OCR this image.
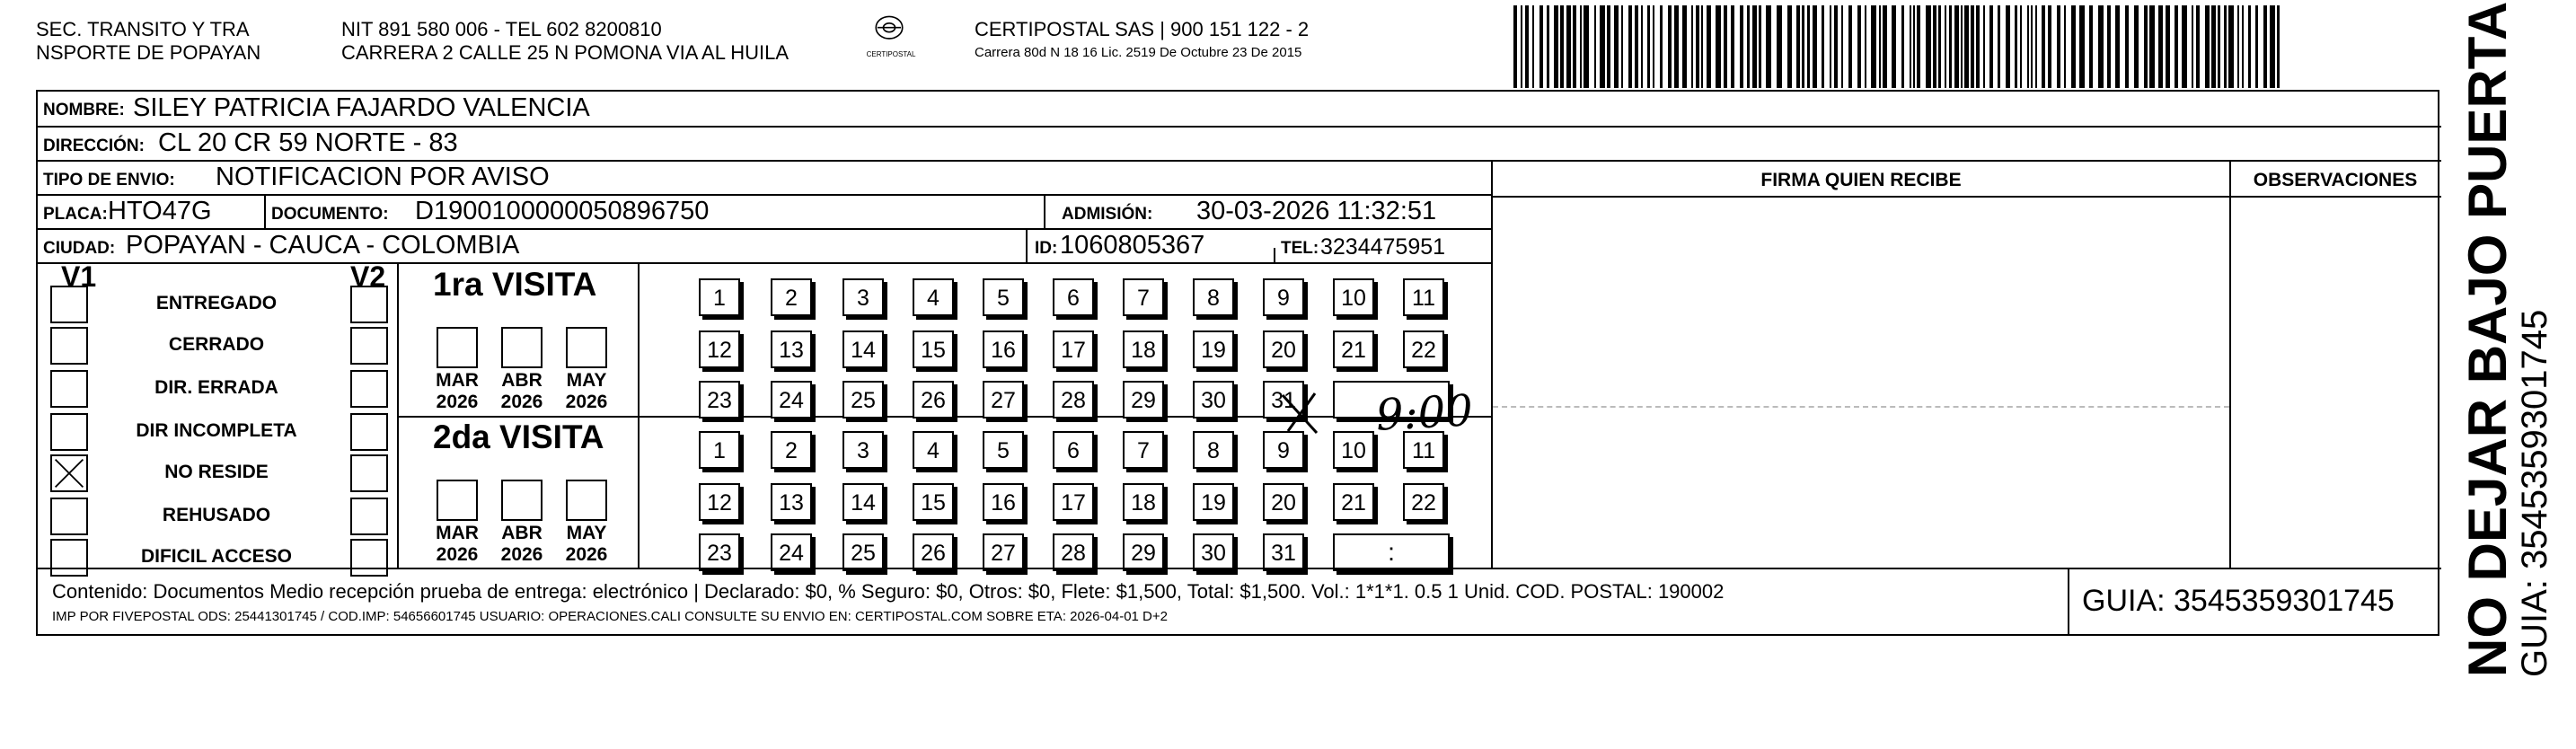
SEC. TRANSITO Y TRA
NSPORTE DE POPAYAN
NIT 891 580 006 - TEL 602 8200810
CARRERA 2 CALLE 25 N POMONA VIA AL HUILA	CERTIPOSTAL
CERTIPOSTAL SAS | 900 151 122 - 2
Carrera 80d N 18 16 Lic. 2519 De Octubre 23 De 2015
NOMBRE: SILEY PATRICIA FAJARDO VALENCIA
DIRECCIÓN: CL 20 CR 59 NORTE - 83
TIPO DE ENVIO: NOTIFICACION POR AVISO
PLACA: HTO47G	DOCUMENTO: D1900100000050896750	ADMISIÓN: 30-03-2026 11:32:51
CIUDAD: POPAYAN - CAUCA - COLOMBIA	ID: 1060805367	TEL: 3234475951
FIRMA QUIEN RECIBE	OBSERVACIONES
V1	V2
ENTREGADO
CERRADO
DIR. ERRADA
DIR INCOMPLETA
NO RESIDE
REHUSADO
DIFICIL ACCESO
1ra VISITA
MAR
2026
ABR
2026
MAY
2026
1	2	3	4	5	6	7	8	9	10	11
12	13	14	15	16	17	18	19	20	21	22
23	24	25	26	27	28	29	30	31
2da VISITA
MAR
2026
ABR
2026
MAY
2026
1	2	3	4	5	6	7	8	9	10	11
12	13	14	15	16	17	18	19	20	21	22
23	24	25	26	27	28	29	30	31	:
9:00
Contenido: Documentos Medio recepción prueba de entrega: electrónico | Declarado: $0, % Seguro: $0, Otros: $0, Flete: $1,500, Total: $1,500. Vol.: 1*1*1. 0.5 1 Unid. COD. POSTAL: 190002
IMP POR FIVEPOSTAL ODS: 25441301745 / COD.IMP: 54656601745 USUARIO: OPERACIONES.CALI CONSULTE SU ENVIO EN: CERTIPOSTAL.COM SOBRE ETA: 2026-04-01 D+2	GUIA: 3545359301745 NO DEJAR BAJO PUERTA
GUIA: 3545359301745
